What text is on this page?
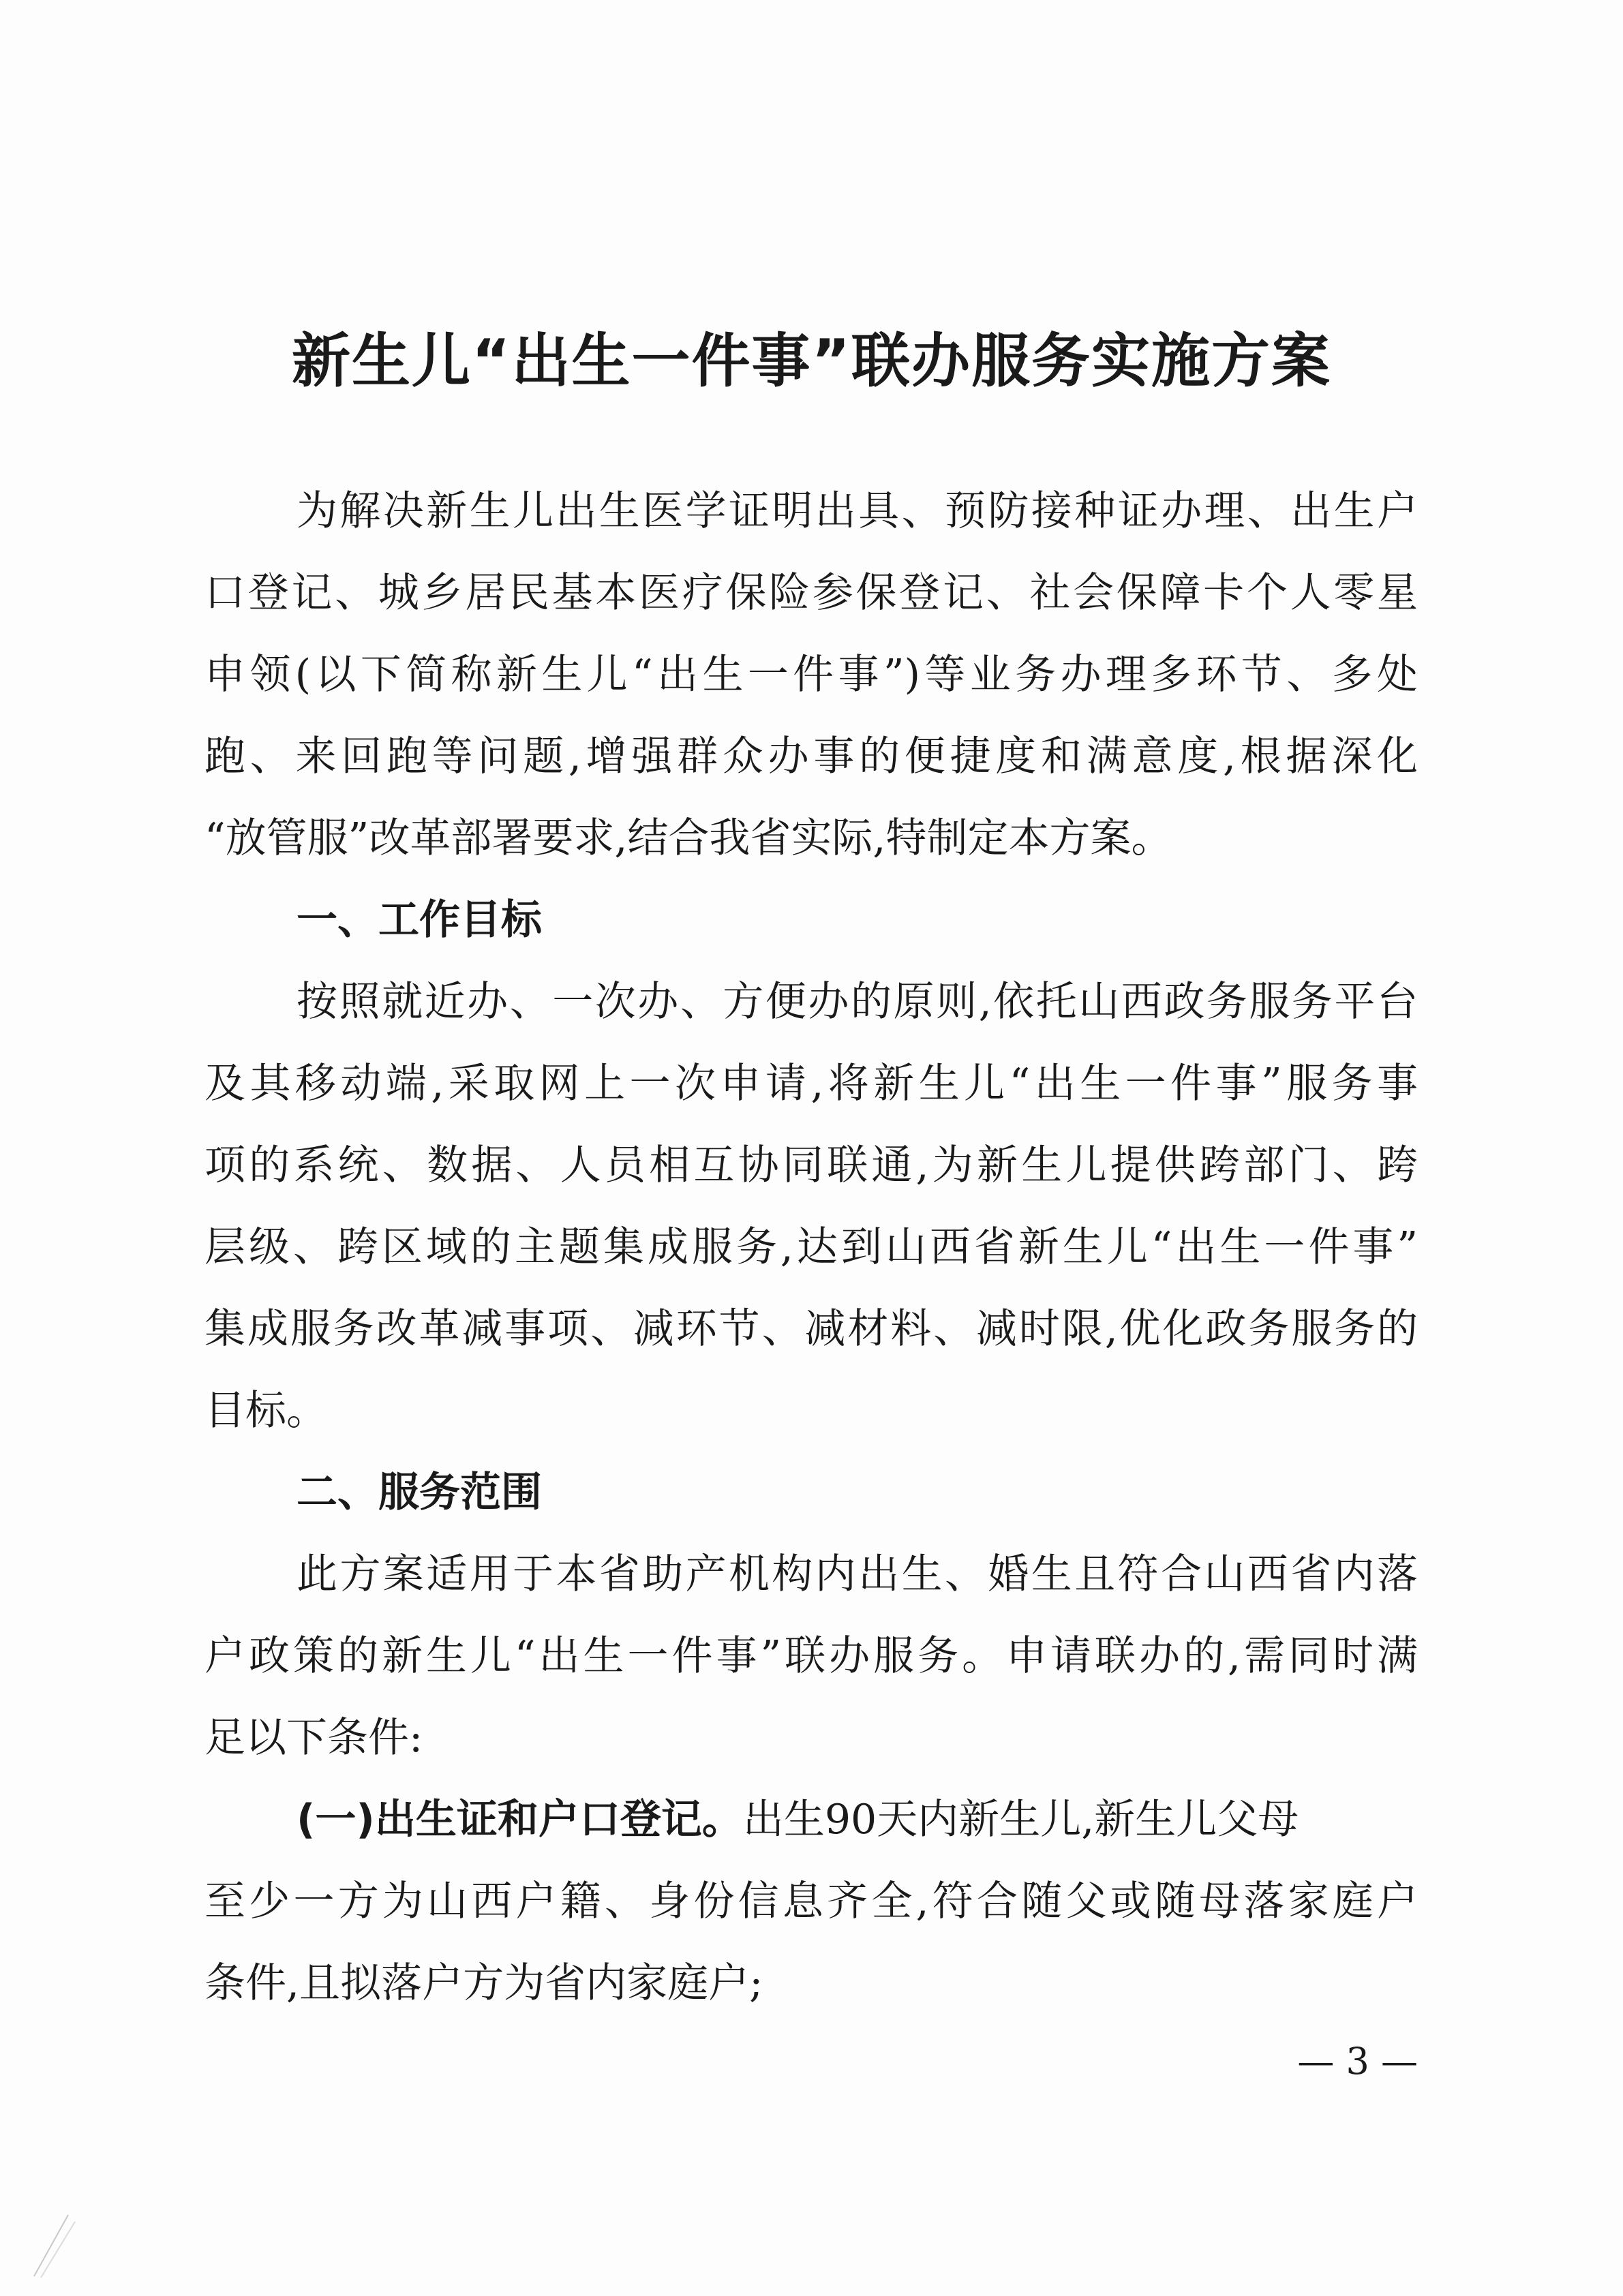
新生儿“出生一件事”联办服务实施方案
为解决新生儿出生医学证明出具、预防接种证办理、出生户
口登记、城乡居民基本医疗保险参保登记、社会保障卡个人零星
申领(以下简称新生儿“出生一件事”)等业务办理多环节、多处
跑、来回跑等问题,增强群众办事的便捷度和满意度,根据深化
“放管服”改革部署要求,结合我省实际,特制定本方案。
一、工作目标
按照就近办、一次办、方便办的原则,依托山西政务服务平台
及其移动端,采取网上一次申请,将新生儿“出生一件事”服务事
项的系统、数据、人员相互协同联通,为新生儿提供跨部门、跨
层级、跨区域的主题集成服务,达到山西省新生儿“出生一件事”
集成服务改革减事项、减环节、减材料、减时限,优化政务服务的
目标。
二、服务范围
此方案适用于本省助产机构内出生、婚生且符合山西省内落
户政策的新生儿“出生一件事”联办服务。申请联办的,需同时满
足以下条件:
(一)出生证和户口登记。出生90天内新生儿,新生儿父母
至少一方为山西户籍、身份信息齐全,符合随父或随母落家庭户
条件,且拟落户方为省内家庭户;
— 3 —
